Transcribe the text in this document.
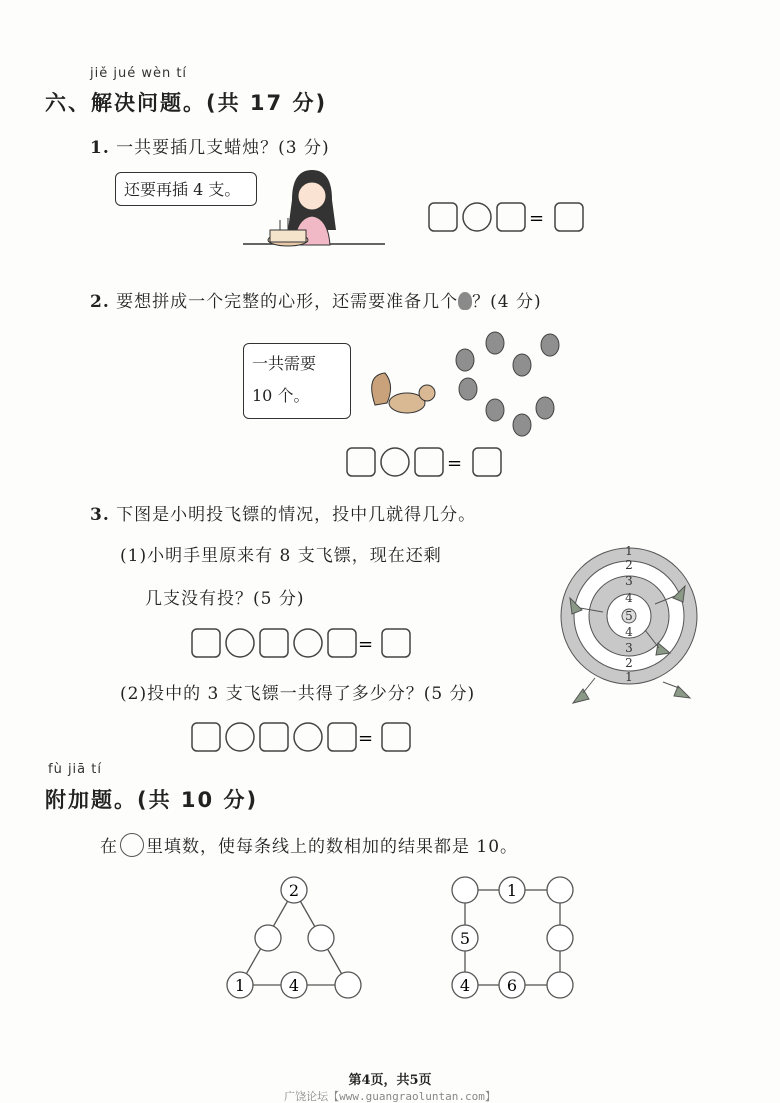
jiě jué wèn tí
六、解决问题。(共 17 分)
1. 一共要插几支蜡烛？(3 分)
还要再插 4 支。
=
2. 要想拼成一个完整的心形，还需要准备几个 ？(4 分)
一共需要
10 个。
=
3. 下图是小明投飞镖的情况，投中几就得几分。
(1)小明手里原来有 8 支飞镖，现在还剩
几支没有投？(5 分)
=
(2)投中的 3 支飞镖一共得了多少分？(5 分)
=
1
2
3
4
5
4
3
2
1
fù jiā tí
附加题。(共 10 分)
在 里填数，使每条线上的数相加的结果都是 10。
2
1	4
1
5
4 6
第4页，共5页
广饶论坛【www.guangraoluntan.com】
